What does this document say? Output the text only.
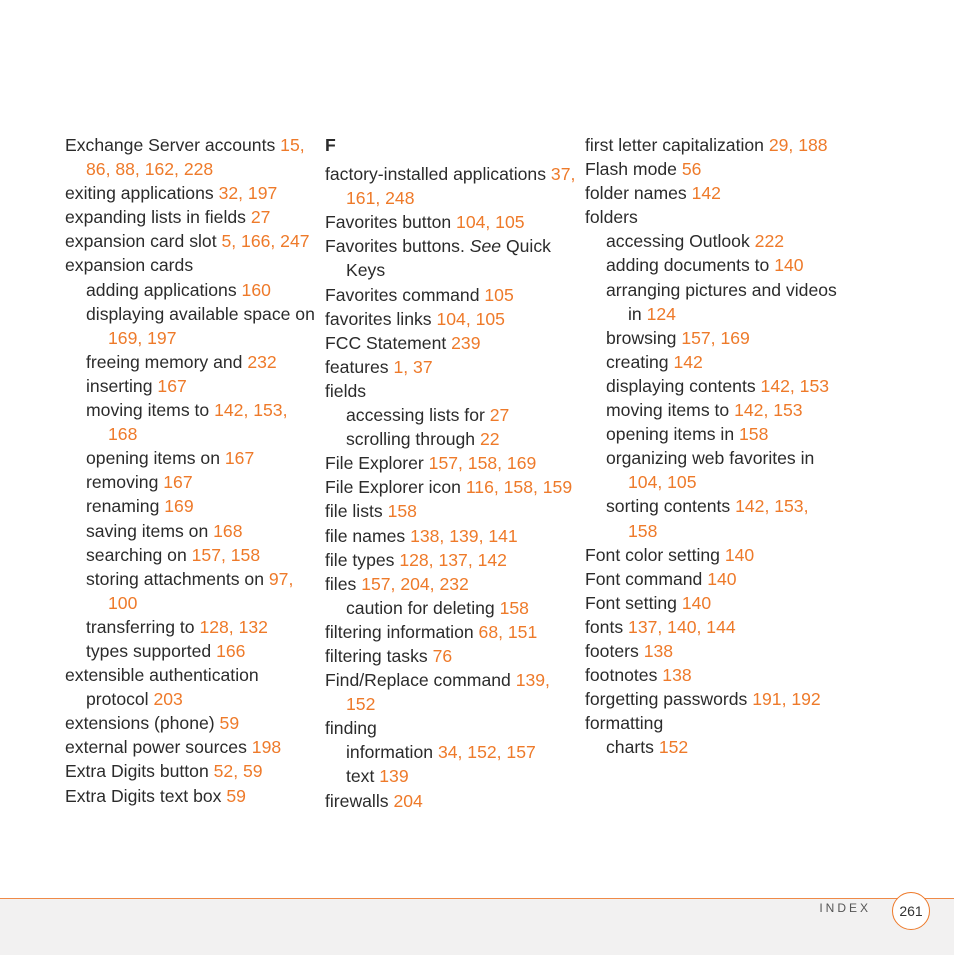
Exchange Server accounts 15, 86, 88, 162, 228
exiting applications 32, 197
expanding lists in fields 27
expansion card slot 5, 166, 247
expansion cards
adding applications 160
displaying available space on 169, 197
freeing memory and 232
inserting 167
moving items to 142, 153, 168
opening items on 167
removing 167
renaming 169
saving items on 168
searching on 157, 158
storing attachments on 97, 100
transferring to 128, 132
types supported 166
extensible authentication protocol 203
extensions (phone) 59
external power sources 198
Extra Digits button 52, 59
Extra Digits text box 59
F
factory-installed applications 37, 161, 248
Favorites button 104, 105
Favorites buttons. See Quick Keys
Favorites command 105
favorites links 104, 105
FCC Statement 239
features 1, 37
fields
accessing lists for 27
scrolling through 22
File Explorer 157, 158, 169
File Explorer icon 116, 158, 159
file lists 158
file names 138, 139, 141
file types 128, 137, 142
files 157, 204, 232
caution for deleting 158
filtering information 68, 151
filtering tasks 76
Find/Replace command 139, 152
finding
information 34, 152, 157
text 139
firewalls 204
first letter capitalization 29, 188
Flash mode 56
folder names 142
folders
accessing Outlook 222
adding documents to 140
arranging pictures and videos in 124
browsing 157, 169
creating 142
displaying contents 142, 153
moving items to 142, 153
opening items in 158
organizing web favorites in 104, 105
sorting contents 142, 153, 158
Font color setting 140
Font command 140
Font setting 140
fonts 137, 140, 144
footers 138
footnotes 138
forgetting passwords 191, 192
formatting
charts 152
INDEX 261
